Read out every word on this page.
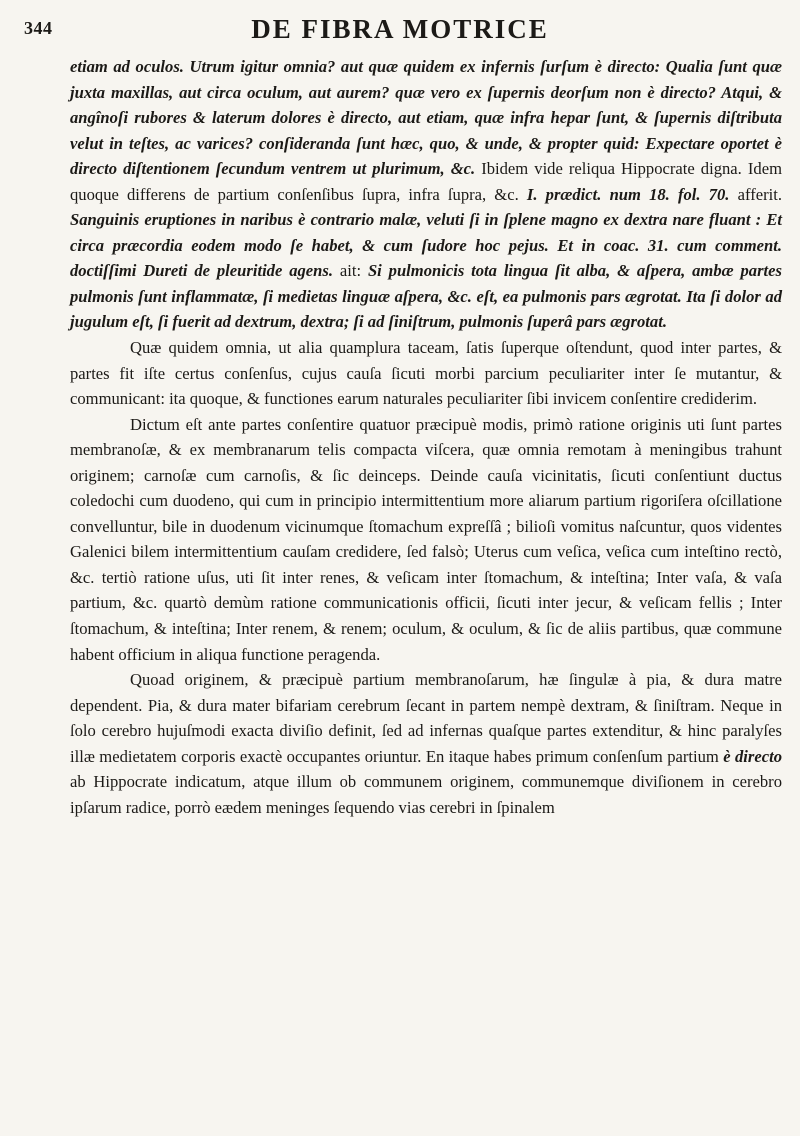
344	DE FIBRA MOTRICE

etiam ad oculos. Utrum igitur omnia? aut quæ quidem ex infernis ſurſum è directo: Qualia ſunt quæ juxta maxillas, aut circa oculum, aut aurem? quæ vero ex ſupernis deorſum non è directo? Atqui, & angînoſi rubores & laterum dolores è directo, aut etiam, quæ infra hepar ſunt, & ſupernis diſtributa velut in teſtes, ac varices? conſideranda ſunt hæc, quo, & unde, & propter quid: Expectare oportet è directo diſtentionem ſecundum ventrem ut plurimum, &c. Ibidem vide reliqua Hippocrate digna. Idem quoque differens de partium conſenſibus ſupra, infra ſupra, &c. I. prædict. num 18. fol. 70. afferit. Sanguinis eruptiones in naribus è contrario malæ, veluti ſi in ſplene magno ex dextra nare fluant : Et circa præcordia eodem modo ſe habet, & cum ſudore hoc pejus. Et in coac. 31. cum comment. doctiſſimi Dureti de pleuritide agens. ait: Si pulmonicis tota lingua ſit alba, & aſpera, ambæ partes pulmonis ſunt inflammatæ, ſi medietas linguæ aſpera, &c. eſt, ea pulmonis pars ægrotat. Ita ſi dolor ad jugulum eſt, ſi fuerit ad dextrum, dextra; ſi ad ſiniſtrum, pulmonis ſuperâ pars ægrotat.

Quæ quidem omnia, ut alia quamplura taceam, ſatis ſuperque oſtendunt, quod inter partes, & partes fit iſte certus conſenſus, cujus cauſa ſicuti morbi parcium peculiariter inter ſe mutantur, & communicant: ita quoque, & functiones earum naturales peculiariter ſibi invicem conſentire crediderim.

Dictum eſt ante partes conſentire quatuor præcipuè modis, primò ratione originis uti ſunt partes membranoſæ, & ex membranarum telis compacta viſcera, quæ omnia remotam à meningibus trahunt originem; carnoſæ cum carnoſis, & ſic deinceps. Deinde cauſa vicinitatis, ſicuti conſentiunt ductus coledochi cum duodeno, qui cum in principio intermittentium more aliarum partium rigoriſera oſcillatione convelluntur, bile in duodenum vicinumque ſtomachum expreſſâ ; bilioſi vomitus naſcuntur, quos videntes Galenici bilem intermittentium cauſam credidere, ſed falsò; Uterus cum veſica, veſica cum inteſtino rectò, &c. tertiò ratione uſus, uti ſit inter renes, & veſicam inter ſtomachum, & inteſtina; Inter vaſa, & vaſa partium, &c. quartò demùm ratione communicationis officii, ſicuti inter jecur, & veſicam fellis ; Inter ſtomachum, & inteſtina; Inter renem, & renem; oculum, & oculum, & ſic de aliis partibus, quæ commune habent officium in aliqua functione peragenda.

Quoad originem, & præcipuè partium membranoſarum, hæ ſingulæ à pia, & dura matre dependent. Pia, & dura mater bifariam cerebrum ſecant in partem nempè dextram, & ſiniſtram. Neque in ſolo cerebro hujuſmodi exacta diviſio definit, ſed ad infernas quaſque partes extenditur, & hinc paralyſes illæ medietatem corporis exactè occupantes oriuntur. En itaque habes primum conſenſum partium è directo ab Hippocrate indicatum, atque illum ob communem originem, communemque diviſionem in cerebro ipſarum radice, porrò eædem meninges ſequendo vias cerebri in ſpinalem
